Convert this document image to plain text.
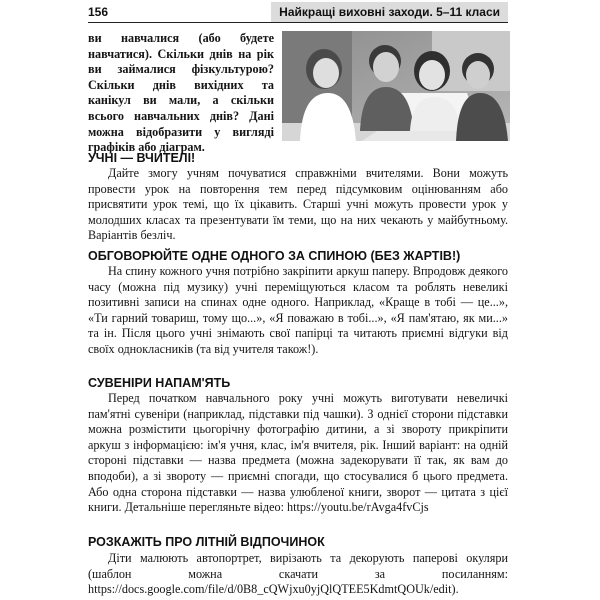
156	Найкращі виховні заходи. 5–11 класи

ви навчалися (або будете навчатися). Скільки днів на рік ви займалися фізкультурою? Скільки днів вихідних та канікул ви мали, а скільки всього навчальних днів? Дані можна відобразити у вигляді графіків або діаграм.

УЧНІ — ВЧИТЕЛІ!

Дайте змогу учням почуватися справжніми вчителями. Вони можуть провести урок на повторення тем перед підсумковим оцінюванням або присвятити урок темі, що їх цікавить. Старші учні можуть провести урок у молодших класах та презентувати їм теми, що на них чекають у майбутньому. Варіантів безліч.

ОБГОВОРЮЙТЕ ОДНЕ ОДНОГО ЗА СПИНОЮ (БЕЗ ЖАРТІВ!)

На спину кожного учня потрібно закріпити аркуш паперу. Впродовж деякого часу (можна під музику) учні переміщуються класом та роблять невеликі позитивні записи на спинах одне одного. Наприклад, «Краще в тобі — це...», «Ти гарний товариш, тому що...», «Я поважаю в тобі...», «Я пам'ятаю, як ми...» та ін. Після цього учні знімають свої папірці та читають приємні відгуки від своїх однокласників (та від учителя також!).

СУВЕНІРИ НАПАМ'ЯТЬ

Перед початком навчального року учні можуть виготувати невеличкі пам'ятні сувеніри (наприклад, підставки під чашки). З однієї сторони підставки можна розмістити цьогорічну фотографію дитини, а зі звороту прикріпити аркуш з інформацією: ім'я учня, клас, ім'я вчителя, рік. Інший варіант: на одній стороні підставки — назва предмета (можна задекорувати її так, як вам до вподоби), а зі звороту — приємні спогади, що стосувалися б цього предмета. Або одна сторона підставки — назва улюбленої книги, зворот — цитата з цієї книги. Детальніше перегляньте відео: https://youtu.be/rAvga4fvCjs

РОЗКАЖІТЬ ПРО ЛІТНІЙ ВІДПОЧИНОК

Діти малюють автопортрет, вирізають та декорують паперові окуляри (шаблон можна скачати за посиланням: https://docs.google.com/file/d/0B8_cQWjxu0yjQlQTEE5KdmtQOUk/edit).
